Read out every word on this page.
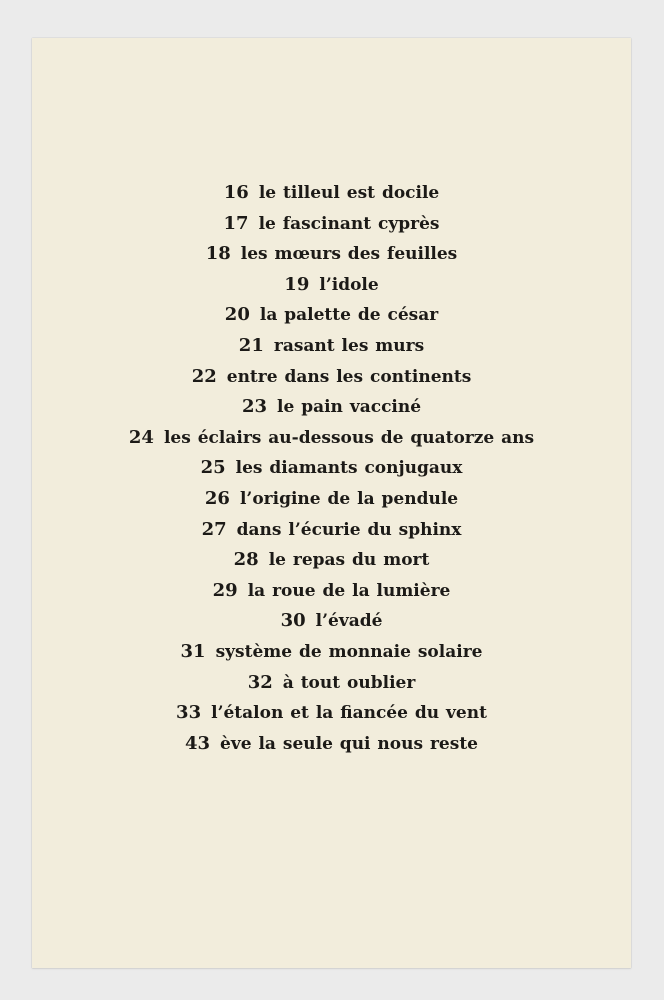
16 le tilleul est docile
17 le fascinant cyprès
18 les mœurs des feuilles
19 l’idole
20 la palette de césar
21 rasant les murs
22 entre dans les continents
23 le pain vacciné
24 les éclairs au-dessous de quatorze ans
25 les diamants conjugaux
26 l’origine de la pendule
27 dans l’écurie du sphinx
28 le repas du mort
29 la roue de la lumière
30 l’évadé
31 système de monnaie solaire
32 à tout oublier
33 l’étalon et la fiancée du vent
43 ève la seule qui nous reste
